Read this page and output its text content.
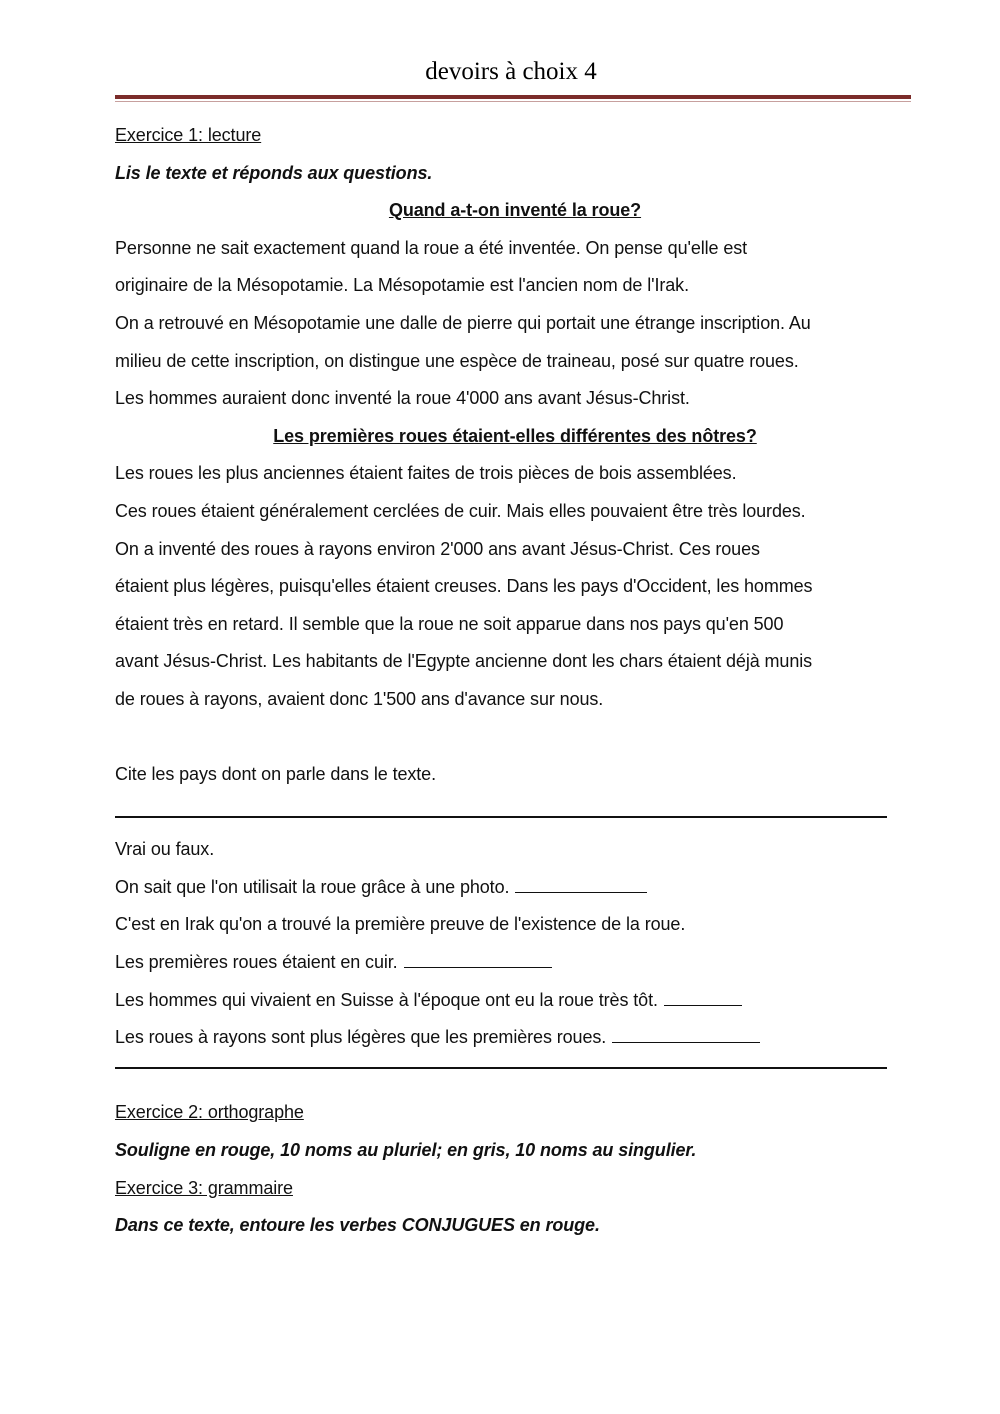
devoirs à choix 4
Exercice 1: lecture
Lis le texte et réponds aux questions.
Quand a-t-on inventé la roue?
Personne ne sait exactement quand la roue a été inventée. On pense qu'elle est
originaire de la Mésopotamie. La Mésopotamie est l'ancien nom de l'Irak.
On a retrouvé en Mésopotamie une dalle de pierre qui portait une étrange inscription. Au
milieu de cette inscription, on distingue une espèce de traineau, posé sur quatre roues.
Les hommes auraient donc inventé la roue 4'000 ans avant Jésus-Christ.
Les premières roues étaient-elles différentes des nôtres?
Les roues les plus anciennes étaient faites de trois pièces de bois assemblées.
Ces roues étaient généralement cerclées de cuir. Mais elles pouvaient être très lourdes.
On a inventé des roues à rayons environ 2'000 ans avant Jésus-Christ. Ces roues
étaient plus légères, puisqu'elles étaient creuses. Dans les pays d'Occident, les hommes
étaient très en retard. Il semble que la roue ne soit apparue dans nos pays qu'en 500
avant Jésus-Christ. Les habitants de l'Egypte ancienne dont les chars étaient déjà munis
de roues à rayons, avaient donc 1'500 ans d'avance sur nous.
Cite les pays dont on parle dans le texte.
Vrai ou faux.
On sait que l'on utilisait la roue grâce à une photo.
C'est en Irak qu'on a trouvé la première preuve de l'existence de la roue.
Les premières roues étaient en cuir.
Les hommes qui vivaient en Suisse à l'époque ont eu la roue très tôt.
Les roues à rayons sont plus légères que les premières roues.
Exercice 2: orthographe
Souligne en rouge, 10 noms au pluriel; en gris, 10 noms au singulier.
Exercice 3: grammaire
Dans ce texte, entoure les verbes CONJUGUES en rouge.
